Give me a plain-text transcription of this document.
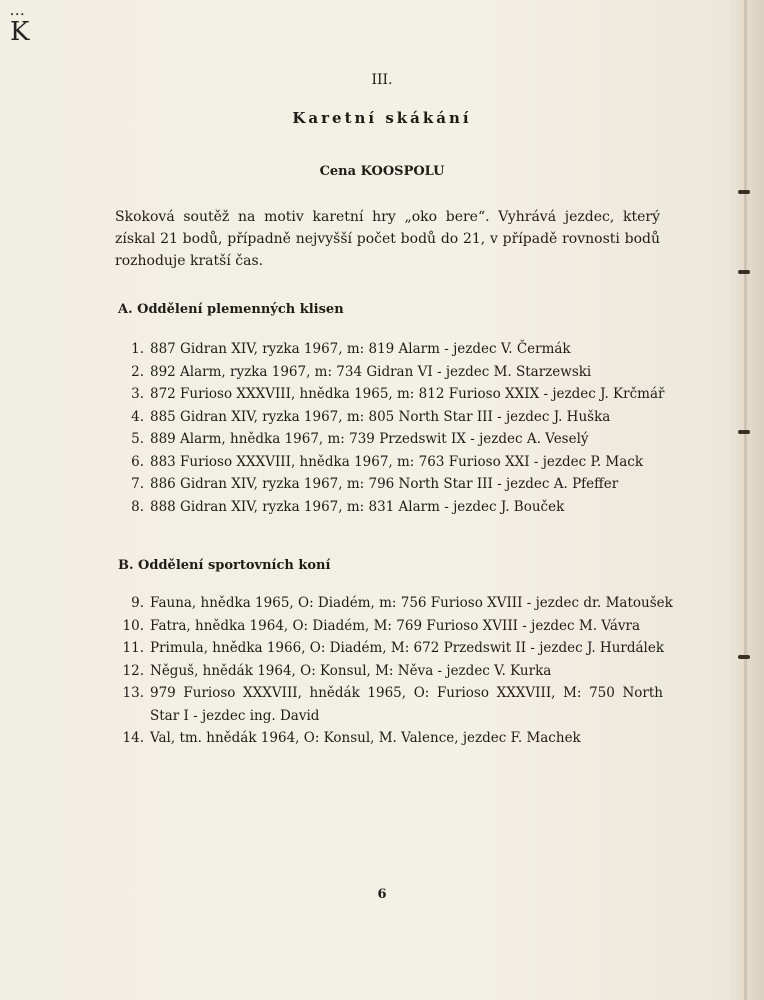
•••
K
III.
Karetní skákání
Cena KOOSPOLU
Skoková soutěž na motiv karetní hry „oko bere“. Vyhrává jezdec, který získal 21 bodů, případně nejvyšší počet bodů do 21, v případě rovnosti bodů rozhoduje kratší čas.
A. Oddělení plemenných klisen
1. 887 Gidran XIV, ryzka 1967, m: 819 Alarm - jezdec V. Čermák
2. 892 Alarm, ryzka 1967, m: 734 Gidran VI - jezdec M. Starzewski
3. 872 Furioso XXXVIII, hnědka 1965, m: 812 Furioso XXIX - jezdec J. Krčmář
4. 885 Gidran XIV, ryzka 1967, m: 805 North Star III - jezdec J. Huška
5. 889 Alarm, hnědka 1967, m: 739 Przedswit IX - jezdec A. Veselý
6. 883 Furioso XXXVIII, hnědka 1967, m: 763 Furioso XXI - jezdec P. Mack
7. 886 Gidran XIV, ryzka 1967, m: 796 North Star III - jezdec A. Pfeffer
8. 888 Gidran XIV, ryzka 1967, m: 831 Alarm - jezdec J. Bouček
B. Oddělení sportovních koní
9. Fauna, hnědka 1965, O: Diadém, m: 756 Furioso XVIII - jezdec dr. Matoušek
10. Fatra, hnědka 1964, O: Diadém, M: 769 Furioso XVIII - jezdec M. Vávra
11. Primula, hnědka 1966, O: Diadém, M: 672 Przedswit II - jezdec J. Hurdálek
12. Něguš, hnědák 1964, O: Konsul, M: Něva - jezdec V. Kurka
13. 979 Furioso XXXVIII, hnědák 1965, O: Furioso XXXVIII, M: 750 North Star I - jezdec ing. David
14. Val, tm. hnědák 1964, O: Konsul, M. Valence, jezdec F. Machek
6
